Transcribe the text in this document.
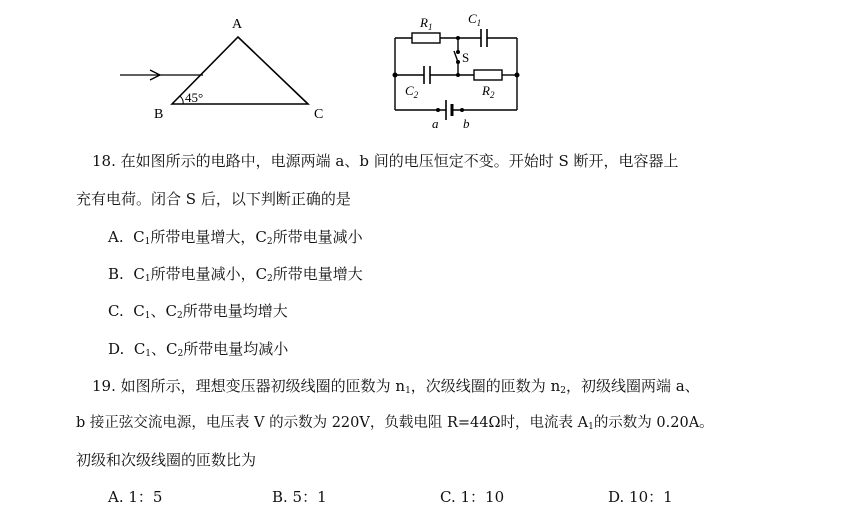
A
B	C
45°
$R_1$
$C_1$
S
$C_2$	$R_2$
a b
18. 在如图所示的电路中，电源两端 a、b 间的电压恒定不变。开始时 S 断开，电容器上
充有电荷。闭合 S 后，以下判断正确的是
A. $C_1$所带电量增大，$C_2$所带电量减小
B. $C_1$所带电量减小，$C_2$所带电量增大
C. $C_1$、$C_2$所带电量均增大
D. $C_1$、$C_2$所带电量均减小
19. 如图所示，理想变压器初级线圈的匝数为 $n_1$，次级线圈的匝数为 $n_2$，初级线圈两端 a、
b 接正弦交流电源，电压表 V 的示数为 220V，负载电阻 R=44Ω时，电流表 $A_1$的示数为 0.20A。
初级和次级线圈的匝数比为
A. 1：5	B. 5：1	C. 1：10	D. 10：1
